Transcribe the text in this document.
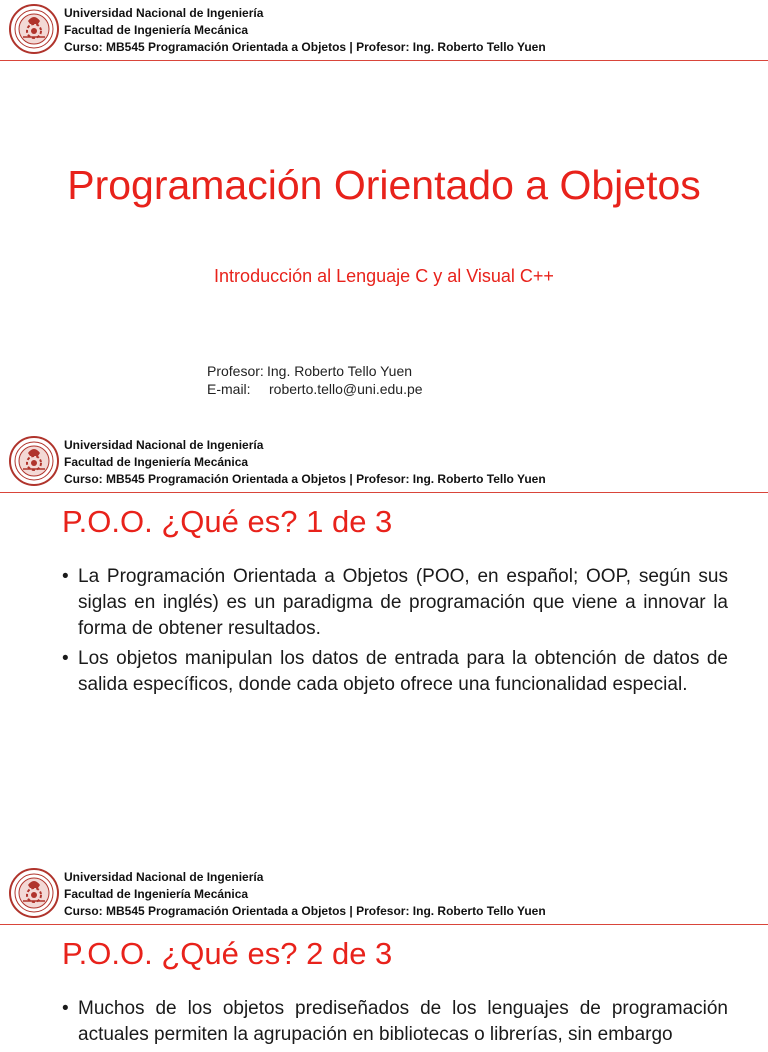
Universidad Nacional de Ingeniería
Facultad de Ingeniería Mecánica
Curso: MB545 Programación Orientada a Objetos | Profesor: Ing. Roberto Tello Yuen
Programación Orientado a Objetos
Introducción al Lenguaje C y al Visual C++
Profesor: Ing. Roberto Tello Yuen
E-mail: roberto.tello@uni.edu.pe
Universidad Nacional de Ingeniería
Facultad de Ingeniería Mecánica
Curso: MB545 Programación Orientada a Objetos | Profesor: Ing. Roberto Tello Yuen
P.O.O. ¿Qué es? 1 de 3
• La Programación Orientada a Objetos (POO, en español; OOP, según sus siglas en inglés) es un paradigma de programación que viene a innovar la forma de obtener resultados.
• Los objetos manipulan los datos de entrada para la obtención de datos de salida específicos, donde cada objeto ofrece una funcionalidad especial.
Universidad Nacional de Ingeniería
Facultad de Ingeniería Mecánica
Curso: MB545 Programación Orientada a Objetos | Profesor: Ing. Roberto Tello Yuen
P.O.O. ¿Qué es? 2 de 3
• Muchos de los objetos prediseñados de los lenguajes de programación actuales permiten la agrupación en bibliotecas o librerías, sin embargo
